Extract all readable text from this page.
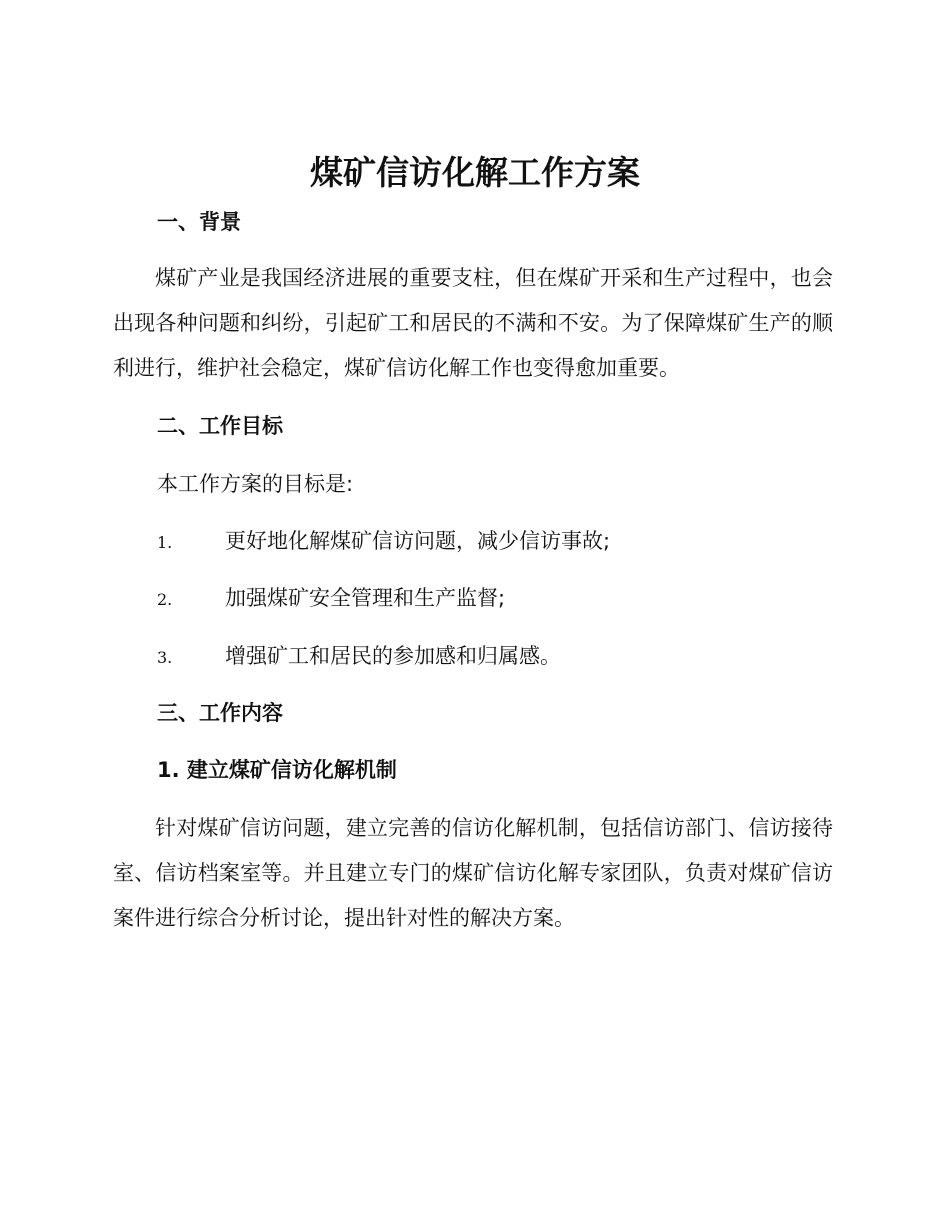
煤矿信访化解工作方案
一、背景
煤矿产业是我国经济进展的重要支柱，但在煤矿开采和生产过程中，也会出现各种问题和纠纷，引起矿工和居民的不满和不安。为了保障煤矿生产的顺利进行，维护社会稳定，煤矿信访化解工作也变得愈加重要。
二、工作目标
本工作方案的目标是:
1.	更好地化解煤矿信访问题，减少信访事故;
2.	加强煤矿安全管理和生产监督;
3.	增强矿工和居民的参加感和归属感。
三、工作内容
1. 建立煤矿信访化解机制
针对煤矿信访问题，建立完善的信访化解机制，包括信访部门、信访接待室、信访档案室等。并且建立专门的煤矿信访化解专家团队，负责对煤矿信访案件进行综合分析讨论，提出针对性的解决方案。
